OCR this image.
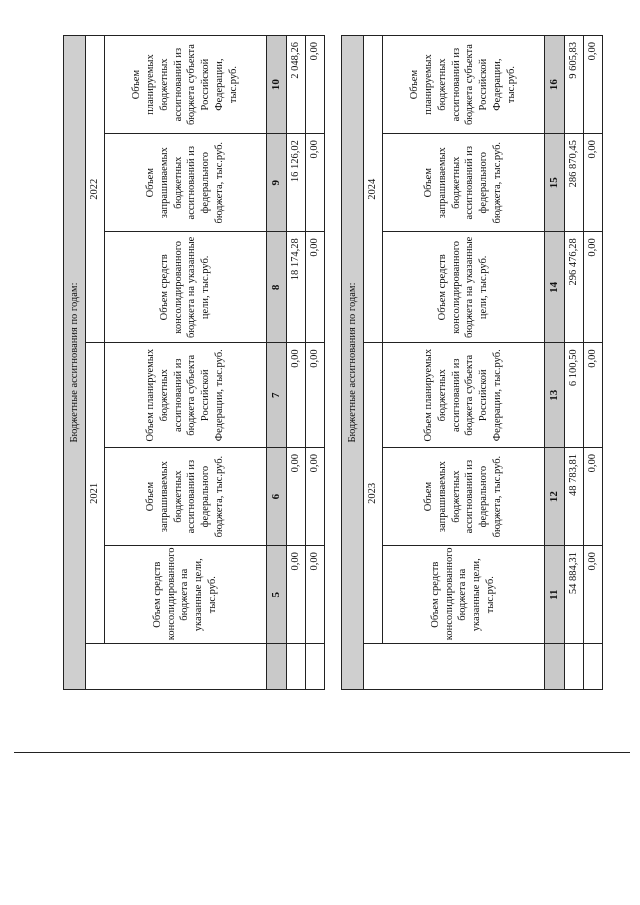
Бюджетные ассигнования по годам:						
	2021			2022		
	Объем средств консолидированного бюджета на указанные цели, тыс.руб.	Объем запрашиваемых бюджетных ассигнований из федерального бюджета, тыс.руб.	Объем планируемых бюджетных ассигнований из бюджета субъекта Российской Федерации, тыс.руб.	Объем средств консолидированного бюджета на указанные цели, тыс.руб.	Объем запрашиваемых бюджетных ассигнований из федерального бюджета, тыс.руб.	Объем планируемых бюджетных ассигнований из бюджета субъекта Российской Федерации, тыс.руб.
	5	6	7	8	9	10
	0,00	0,00	0,00	18 174,28	16 126,02	2 048,26
	0,00	0,00	0,00	0,00	0,00	0,00
Бюджетные ассигнования по годам:						
	2023			2024		
	Объем средств консолидированного бюджета на указанные цели, тыс.руб.	Объем запрашиваемых бюджетных ассигнований из федерального бюджета, тыс.руб.	Объем планируемых бюджетных ассигнований из бюджета субъекта Российской Федерации, тыс.руб.	Объем средств консолидированного бюджета на указанные цели, тыс.руб.	Объем запрашиваемых бюджетных ассигнований из федерального бюджета, тыс.руб.	Объем планируемых бюджетных ассигнований из бюджета субъекта Российской Федерации, тыс.руб.
	11	12	13	14	15	16
	54 884,31	48 783,81	6 100,50	296 476,28	286 870,45	9 605,83
	0,00	0,00	0,00	0,00	0,00	0,00
